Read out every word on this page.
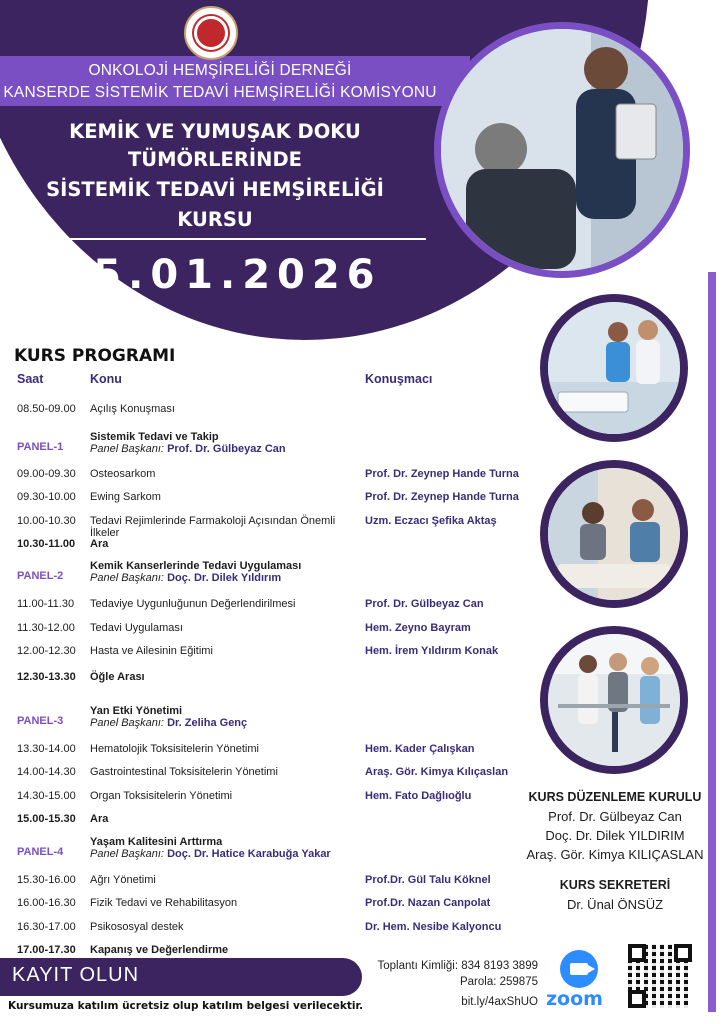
ONKOLOJİ HEMŞİRELİĞİ DERNEĞİ
KANSERDE SİSTEMİK TEDAVİ HEMŞİRELİĞİ KOMİSYONU
KEMİK VE YUMUŞAK DOKU
TÜMÖRLERİNDE
SİSTEMİK TEDAVİ HEMŞİRELİĞİ
KURSU
25.01.2026
KURS PROGRAMI
Saat	Konu	Konuşmacı
08.50-09.00 Açılış Konuşması
PANEL-1
Sistemik Tedavi ve Takip
Panel Başkanı: Prof. Dr. Gülbeyaz Can
09.00-09.30 Osteosarkom	Prof. Dr. Zeynep Hande Turna
09.30-10.00 Ewing Sarkom	Prof. Dr. Zeynep Hande Turna
10.00-10.30 Tedavi Rejimlerinde Farmakoloji Açısından Önemli İlkeler
Uzm. Eczacı Şefika Aktaş
10.30-11.00 Ara
PANEL-2
Kemik Kanserlerinde Tedavi Uygulaması
Panel Başkanı: Doç. Dr. Dilek Yıldırım
11.00-11.30 Tedaviye Uygunluğunun Değerlendirilmesi	Prof. Dr. Gülbeyaz Can
11.30-12.00 Tedavi Uygulaması	Hem. Zeyno Bayram
12.00-12.30 Hasta ve Ailesinin Eğitimi	Hem. İrem Yıldırım Konak
12.30-13.30 Öğle Arası
PANEL-3
Yan Etki Yönetimi
Panel Başkanı: Dr. Zeliha Genç
13.30-14.00 Hematolojik Toksisitelerin Yönetimi	Hem. Kader Çalışkan
14.00-14.30 Gastrointestinal Toksisitelerin Yönetimi	Araş. Gör. Kimya Kılıçaslan
14.30-15.00 Organ Toksisitelerin Yönetimi	Hem. Fato Dağlıoğlu
15.00-15.30 Ara
PANEL-4
Yaşam Kalitesini Arttırma
Panel Başkanı: Doç. Dr. Hatice Karabuğa Yakar
15.30-16.00 Ağrı Yönetimi	Prof.Dr. Gül Talu Köknel
16.00-16.30 Fizik Tedavi ve Rehabilitasyon	Prof.Dr. Nazan Canpolat
16.30-17.00 Psikososyal destek	Dr. Hem. Nesibe Kalyoncu
17.00-17.30 Kapanış ve Değerlendirme
KURS DÜZENLEME KURULU
Prof. Dr. Gülbeyaz Can
Doç. Dr. Dilek YILDIRIM
Araş. Gör. Kimya KILIÇASLAN
KURS SEKRETERİ
Dr. Ünal ÖNSÜZ
KAYIT OLUN
Kursumuza katılım ücretsiz olup katılım belgesi verilecektir.
Toplantı Kimliği: 834 8193 3899
Parola: 259875
bit.ly/4axShUO zoom
